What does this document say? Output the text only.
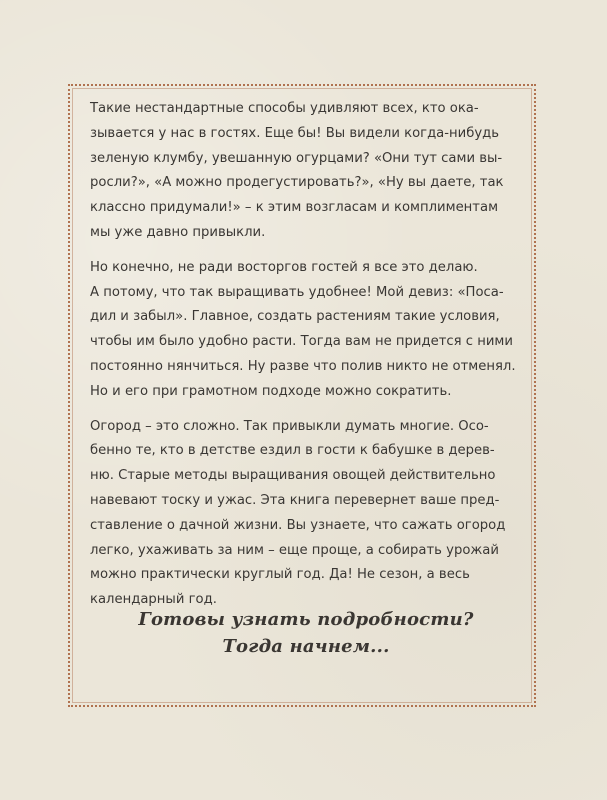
Такие нестандартные способы удивляют всех, кто ока-
зывается у нас в гостях. Еще бы! Вы видели когда-нибудь
зеленую клумбу, увешанную огурцами? «Они тут сами вы-
росли?», «А можно продегустировать?», «Ну вы даете, так
классно придумали!» – к этим возгласам и комплиментам
мы уже давно привыкли.

Но конечно, не ради восторгов гостей я все это делаю.
А потому, что так выращивать удобнее! Мой девиз: «Поса-
дил и забыл». Главное, создать растениям такие условия,
чтобы им было удобно расти. Тогда вам не придется с ними
постоянно нянчиться. Ну разве что полив никто не отменял.
Но и его при грамотном подходе можно сократить.

Огород – это сложно. Так привыкли думать многие. Осо-
бенно те, кто в детстве ездил в гости к бабушке в дерев-
ню. Старые методы выращивания овощей действительно
навевают тоску и ужас. Эта книга перевернет ваше пред-
ставление о дачной жизни. Вы узнаете, что сажать огород
легко, ухаживать за ним – еще проще, а собирать урожай
можно практически круглый год. Да! Не сезон, а весь
календарный год.

Готовы узнать подробности?
Тогда начнем...
